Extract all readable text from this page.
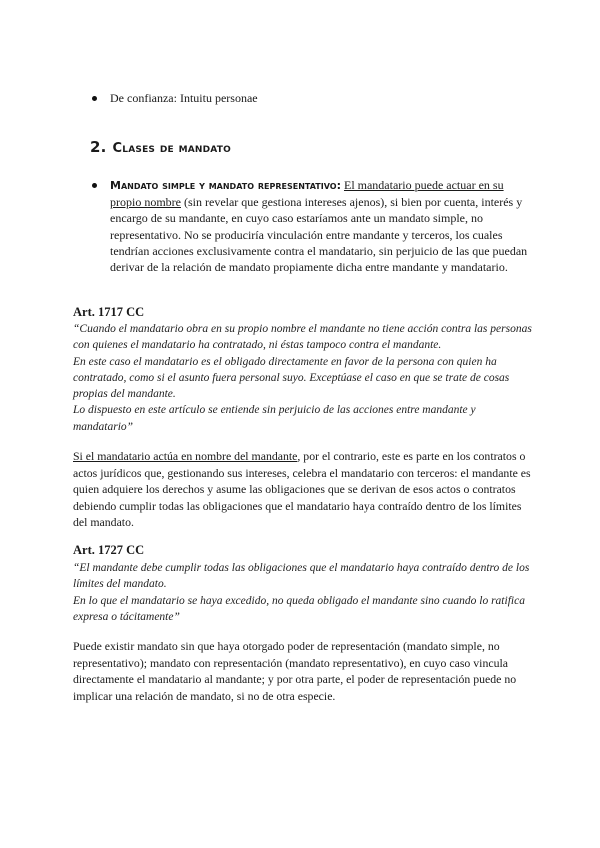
De confianza: Intuitu personae
2. Clases de mandato
Mandato simple y mandato representativo: El mandatario puede actuar en su propio nombre (sin revelar que gestiona intereses ajenos), si bien por cuenta, interés y encargo de su mandante, en cuyo caso estaríamos ante un mandato simple, no representativo. No se produciría vinculación entre mandante y terceros, los cuales tendrían acciones exclusivamente contra el mandatario, sin perjuicio de las que puedan derivar de la relación de mandato propiamente dicha entre mandante y mandatario.
Art. 1717 CC

“Cuando el mandatario obra en su propio nombre el mandante no tiene acción contra las personas con quienes el mandatario ha contratado, ni éstas tampoco contra el mandante.

En este caso el mandatario es el obligado directamente en favor de la persona con quien ha contratado, como si el asunto fuera personal suyo. Exceptúase el caso en que se trate de cosas propias del mandante.

Lo dispuesto en este artículo se entiende sin perjuicio de las acciones entre mandante y mandatario”

Si el mandatario actúa en nombre del mandante, por el contrario, este es parte en los contratos o actos jurídicos que, gestionando sus intereses, celebra el mandatario con terceros: el mandante es quien adquiere los derechos y asume las obligaciones que se derivan de esos actos o contratos debiendo cumplir todas las obligaciones que el mandatario haya contraído dentro de los límites del mandato.
Art. 1727 CC

“El mandante debe cumplir todas las obligaciones que el mandatario haya contraído dentro de los límites del mandato.

En lo que el mandatario se haya excedido, no queda obligado el mandante sino cuando lo ratifica expresa o tácitamente”

Puede existir mandato sin que haya otorgado poder de representación (mandato simple, no representativo); mandato con representación (mandato representativo), en cuyo caso vincula directamente el mandatario al mandante; y por otra parte, el poder de representación puede no implicar una relación de mandato, si no de otra especie.
